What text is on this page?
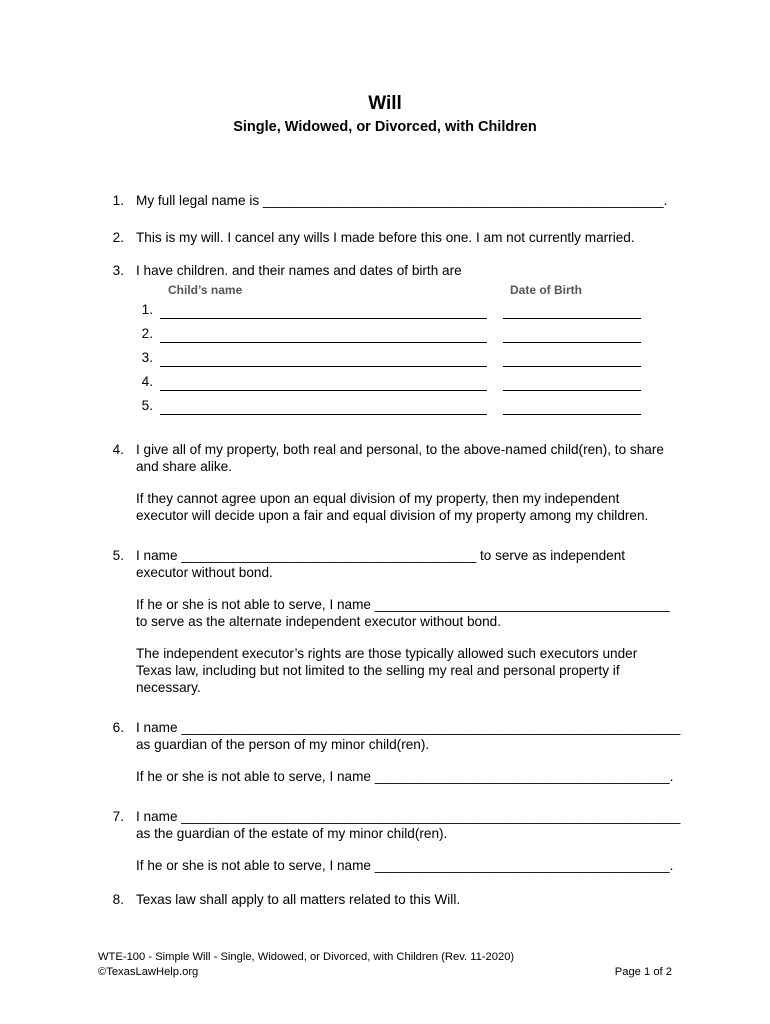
Will
Single, Widowed, or Divorced, with Children
1. My full legal name is _____________________________________________________.
2. This is my will. I cancel any wills I made before this one. I am not currently married.
3. I have children. and their names and dates of birth are
Child’s name	Date of Birth
1.
2.
3.
4.
5.
4. I give all of my property, both real and personal, to the above-named child(ren), to share
and share alike.
If they cannot agree upon an equal division of my property, then my independent
executor will decide upon a fair and equal division of my property among my children.
5. I name _______________________________________ to serve as independent
executor without bond.
If he or she is not able to serve, I name _______________________________________
to serve as the alternate independent executor without bond.
The independent executor’s rights are those typically allowed such executors under
Texas law, including but not limited to the selling my real and personal property if
necessary.
6. I name __________________________________________________________________
as guardian of the person of my minor child(ren).
If he or she is not able to serve, I name _______________________________________.
7. I name __________________________________________________________________
as the guardian of the estate of my minor child(ren).
If he or she is not able to serve, I name _______________________________________.
8. Texas law shall apply to all matters related to this Will.
WTE-100 - Simple Will - Single, Widowed, or Divorced, with Children (Rev. 11-2020)
©TexasLawHelp.org	Page 1 of 2
